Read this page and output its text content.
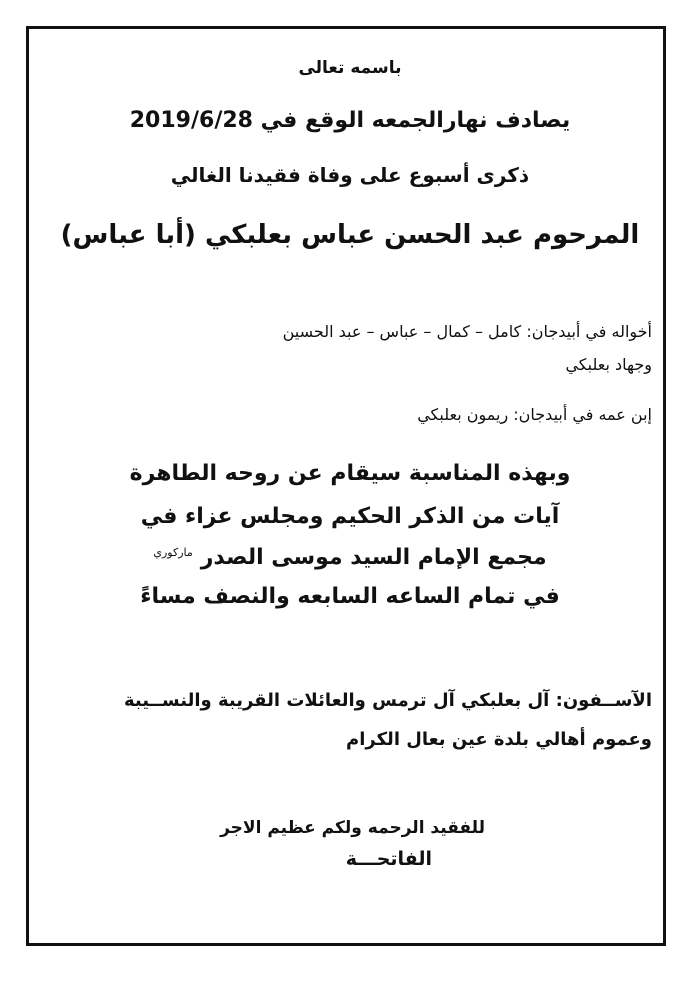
باسمه تعالى

يصادف نهارالجمعه الوقع في 2019/6/28

ذكرى أسبوع على وفاة فقيدنا الغالي

المرحوم عبد الحسن عباس بعلبكي (أبا عباس)

أخواله في أبيدجان: كامل – كمال – عباس – عبد الحسين

وجهاد بعلبكي

إبن عمه في أبيدجان: ريمون بعلبكي

وبهذه المناسبة سيقام عن روحه الطاهرة

آيات من الذكر الحكيم ومجلس عزاء في

مجمع الإمام السيد موسى الصدر$^{ماركوري}$

في تمام الساعه السابعه والنصف مساءً

الآســفون: آل بعلبكي آل ترمس والعائلات القريبة والنســيبة

وعموم أهالي بلدة عين بعال الكرام

للفقيد الرحمه ولكم عظيم الاجر

الفاتحـــة
